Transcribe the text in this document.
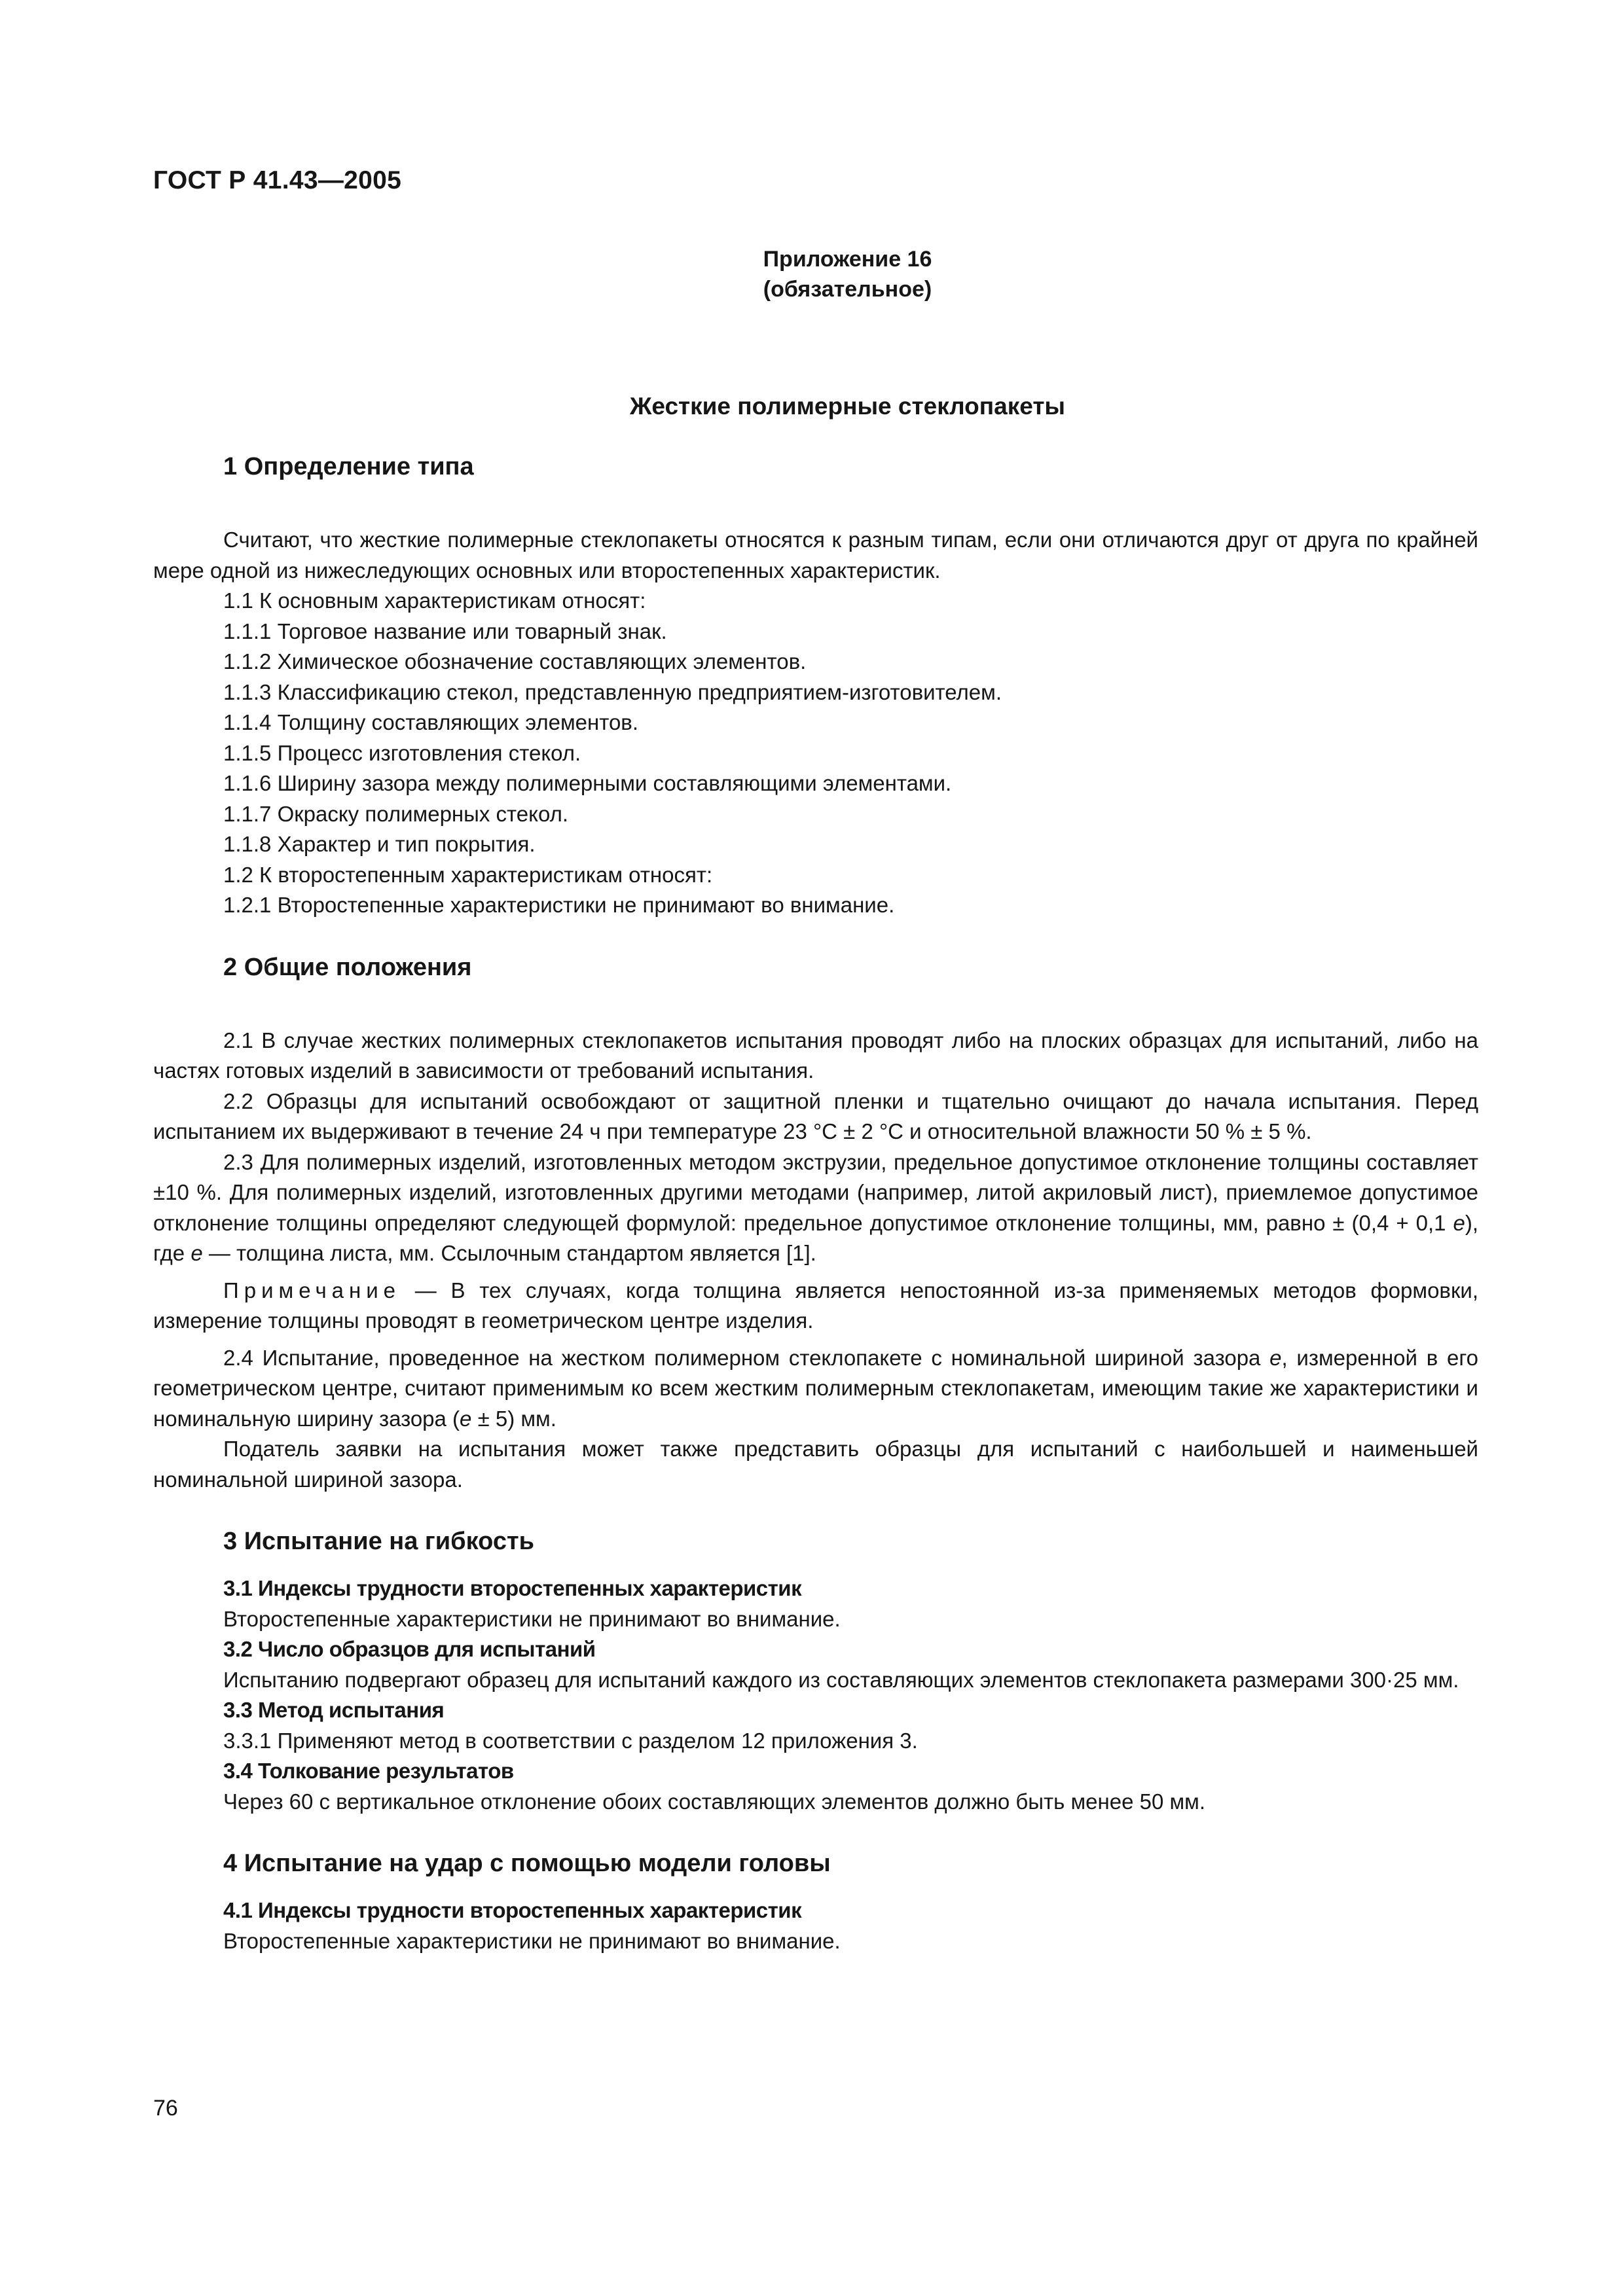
ГОСТ Р 41.43—2005
Приложение 16
(обязательное)
Жесткие полимерные стеклопакеты

1 Определение типа

Считают, что жесткие полимерные стеклопакеты относятся к разным типам, если они отличаются друг от друга по крайней мере одной из нижеследующих основных или второстепенных характеристик.

1.1 К основным характеристикам относят:

1.1.1 Торговое название или товарный знак.

1.1.2 Химическое обозначение составляющих элементов.

1.1.3 Классификацию стекол, представленную предприятием-изготовителем.

1.1.4 Толщину составляющих элементов.

1.1.5 Процесс изготовления стекол.

1.1.6 Ширину зазора между полимерными составляющими элементами.

1.1.7 Окраску полимерных стекол.

1.1.8 Характер и тип покрытия.

1.2 К второстепенным характеристикам относят:

1.2.1 Второстепенные характеристики не принимают во внимание.

2 Общие положения

2.1 В случае жестких полимерных стеклопакетов испытания проводят либо на плоских образцах для испытаний, либо на частях готовых изделий в зависимости от требований испытания.

2.2 Образцы для испытаний освобождают от защитной пленки и тщательно очищают до начала испытания. Перед испытанием их выдерживают в течение 24 ч при температуре 23 °С ± 2 °С и относительной влажности 50 % ± 5 %.

2.3 Для полимерных изделий, изготовленных методом экструзии, предельное допустимое отклонение толщины составляет ±10 %. Для полимерных изделий, изготовленных другими методами (например, литой акриловый лист), приемлемое допустимое отклонение толщины определяют следующей формулой: предельное допустимое отклонение толщины, мм, равно ± (0,4 + 0,1 е), где е — толщина листа, мм. Ссылочным стандартом является [1].

Примечание — В тех случаях, когда толщина является непостоянной из-за применяемых методов формовки, измерение толщины проводят в геометрическом центре изделия.

2.4 Испытание, проведенное на жестком полимерном стеклопакете с номинальной шириной зазора е, измеренной в его геометрическом центре, считают применимым ко всем жестким полимерным стеклопакетам, имеющим такие же характеристики и номинальную ширину зазора (е ± 5) мм.

Податель заявки на испытания может также представить образцы для испытаний с наибольшей и наименьшей номинальной шириной зазора.

3 Испытание на гибкость

3.1 Индексы трудности второстепенных характеристик

Второстепенные характеристики не принимают во внимание.

3.2 Число образцов для испытаний

Испытанию подвергают образец для испытаний каждого из составляющих элементов стеклопакета размерами 300·25 мм.

3.3 Метод испытания

3.3.1 Применяют метод в соответствии с разделом 12 приложения 3.

3.4 Толкование результатов

Через 60 с вертикальное отклонение обоих составляющих элементов должно быть менее 50 мм.

4 Испытание на удар с помощью модели головы

4.1 Индексы трудности второстепенных характеристик

Второстепенные характеристики не принимают во внимание.

76
